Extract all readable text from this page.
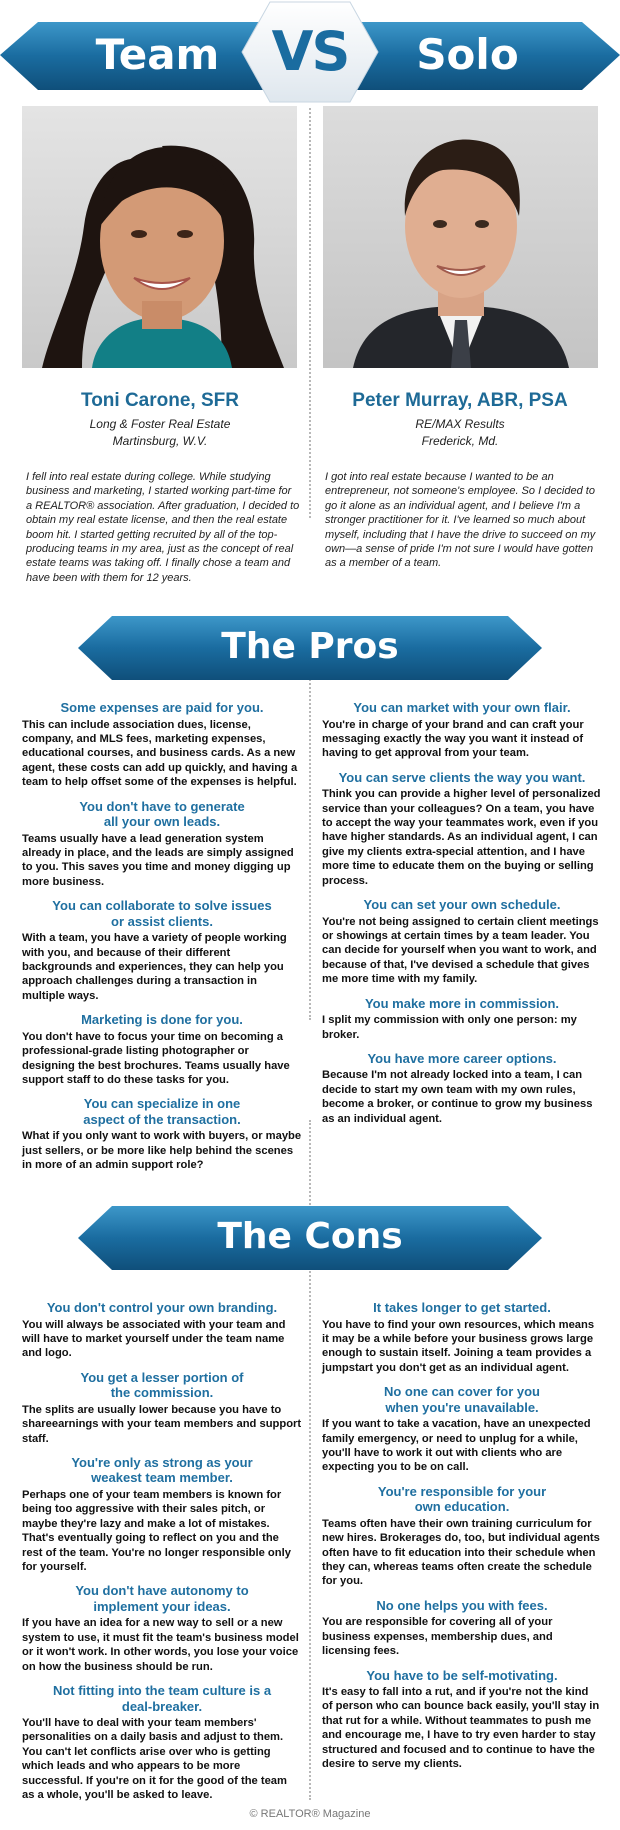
Team VS	Solo
Toni Carone, SFR
Long & Foster Real Estate
Martinsburg, W.V.
I fell into real estate during college. While studying business and marketing, I started working part-time for a REALTOR® association. After graduation, I decided to obtain my real estate license, and then the real estate boom hit. I started getting recruited by all of the top-producing teams in my area, just as the concept of real estate teams was taking off. I finally chose a team and have been with them for 12 years.
Peter Murray, ABR, PSA
RE/MAX Results
Frederick, Md.
I got into real estate because I wanted to be an entrepreneur, not someone's employee. So I decided to go it alone as an individual agent, and I believe I'm a stronger practitioner for it. I've learned so much about myself, including that I have the drive to succeed on my own—a sense of pride I'm not sure I would have gotten as a member of a team.
The Pros
Some expenses are paid for you.

This can include association dues, license, company, and MLS fees, marketing expenses, educational courses, and business cards. As a new agent, these costs can add up quickly, and having a team to help offset some of the expenses is helpful.

You don't have to generate all your own leads.

Teams usually have a lead generation system already in place, and the leads are simply assigned to you. This saves you time and money digging up more business.

You can collaborate to solve issues or assist clients.

With a team, you have a variety of people working with you, and because of their different backgrounds and experiences, they can help you approach challenges during a transaction in multiple ways.

Marketing is done for you.

You don't have to focus your time on becoming a professional-grade listing photographer or designing the best brochures. Teams usually have support staff to do these tasks for you.

You can specialize in one aspect of the transaction.

What if you only want to work with buyers, or maybe just sellers, or be more like help behind the scenes in more of an admin support role?

You can market with your own flair.

You're in charge of your brand and can craft your messaging exactly the way you want it instead of having to get approval from your team.

You can serve clients the way you want.

Think you can provide a higher level of personalized service than your colleagues? On a team, you have to accept the way your teammates work, even if you have higher standards. As an individual agent, I can give my clients extra-special attention, and I have more time to educate them on the buying or selling process.

You can set your own schedule.

You're not being assigned to certain client meetings or showings at certain times by a team leader. You can decide for yourself when you want to work, and because of that, I've devised a schedule that gives me more time with my family.

You make more in commission.

I split my commission with only one person: my broker.

You have more career options.

Because I'm not already locked into a team, I can decide to start my own team with my own rules, become a broker, or continue to grow my business as an individual agent.

The Cons
You don't control your own branding.

You will always be associated with your team and will have to market yourself under the team name and logo.

You get a lesser portion of the commission.

The splits are usually lower because you have to shareearnings with your team members and support staff.

You're only as strong as your weakest team member.

Perhaps one of your team members is known for being too aggressive with their sales pitch, or maybe they're lazy and make a lot of mistakes. That's eventually going to reflect on you and the rest of the team. You're no longer responsible only for yourself.

You don't have autonomy to implement your ideas.

If you have an idea for a new way to sell or a new system to use, it must fit the team's business model or it won't work. In other words, you lose your voice on how the business should be run.

Not fitting into the team culture is a deal-breaker.

You'll have to deal with your team members' personalities on a daily basis and adjust to them. You can't let conflicts arise over who is getting which leads and who appears to be more successful. If you're on it for the good of the team as a whole, you'll be asked to leave.

It takes longer to get started.

You have to find your own resources, which means it may be a while before your business grows large enough to sustain itself. Joining a team provides a jumpstart you don't get as an individual agent.

No one can cover for you when you're unavailable.

If you want to take a vacation, have an unexpected family emergency, or need to unplug for a while, you'll have to work it out with clients who are expecting you to be on call.

You're responsible for your own education.

Teams often have their own training curriculum for new hires. Brokerages do, too, but individual agents often have to fit education into their schedule when they can, whereas teams often create the schedule for you.

No one helps you with fees.

You are responsible for covering all of your business expenses, membership dues, and licensing fees.

You have to be self-motivating.

It's easy to fall into a rut, and if you're not the kind of person who can bounce back easily, you'll stay in that rut for a while. Without teammates to push me and encourage me, I have to try even harder to stay structured and focused and to continue to have the desire to serve my clients.

© REALTOR® Magazine
